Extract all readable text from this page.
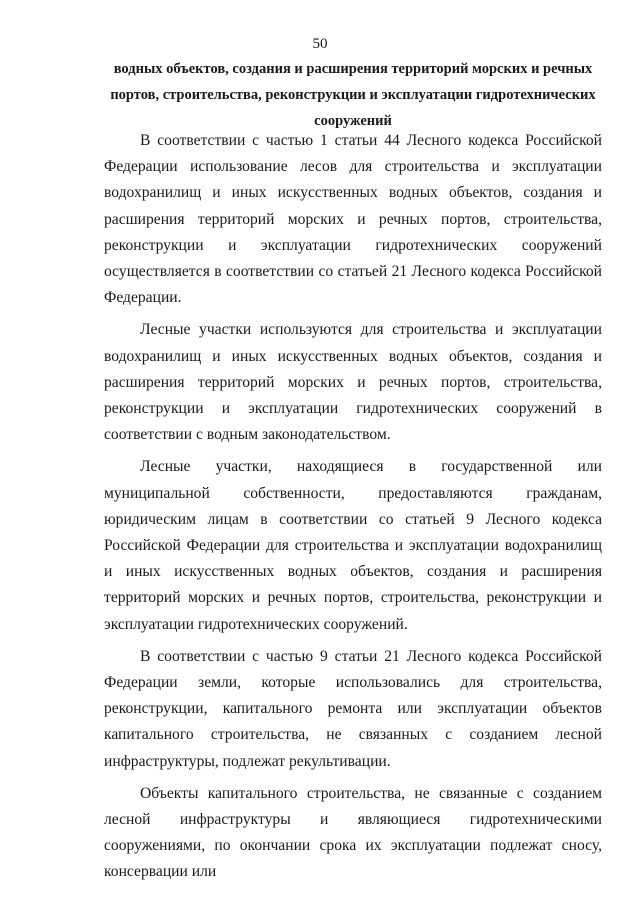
50
водных объектов, создания и расширения территорий морских и речных портов, строительства, реконструкции и эксплуатации гидротехнических сооружений

В соответствии с частью 1 статьи 44 Лесного кодекса Российской Федерации использование лесов для строительства и эксплуатации водохранилищ и иных искусственных водных объектов, создания и расширения территорий морских и речных портов, строительства, реконструкции и эксплуатации гидротехнических сооружений осуществляется в соответствии со статьей 21 Лесного кодекса Российской Федерации.

Лесные участки используются для строительства и эксплуатации водохранилищ и иных искусственных водных объектов, создания и расширения территорий морских и речных портов, строительства, реконструкции и эксплуатации гидротехнических сооружений в соответствии с водным законодательством.

Лесные участки, находящиеся в государственной или муниципальной собственности, предоставляются гражданам, юридическим лицам в соответствии со статьей 9 Лесного кодекса Российской Федерации для строительства и эксплуатации водохранилищ и иных искусственных водных объектов, создания и расширения территорий морских и речных портов, строительства, реконструкции и эксплуатации гидротехнических сооружений.

В соответствии с частью 9 статьи 21 Лесного кодекса Российской Федерации земли, которые использовались для строительства, реконструкции, капитального ремонта или эксплуатации объектов капитального строительства, не связанных с созданием лесной инфраструктуры, подлежат рекультивации.

Объекты капитального строительства, не связанные с созданием лесной инфраструктуры и являющиеся гидротехническими сооружениями, по окончании срока их эксплуатации подлежат сносу, консервации или
